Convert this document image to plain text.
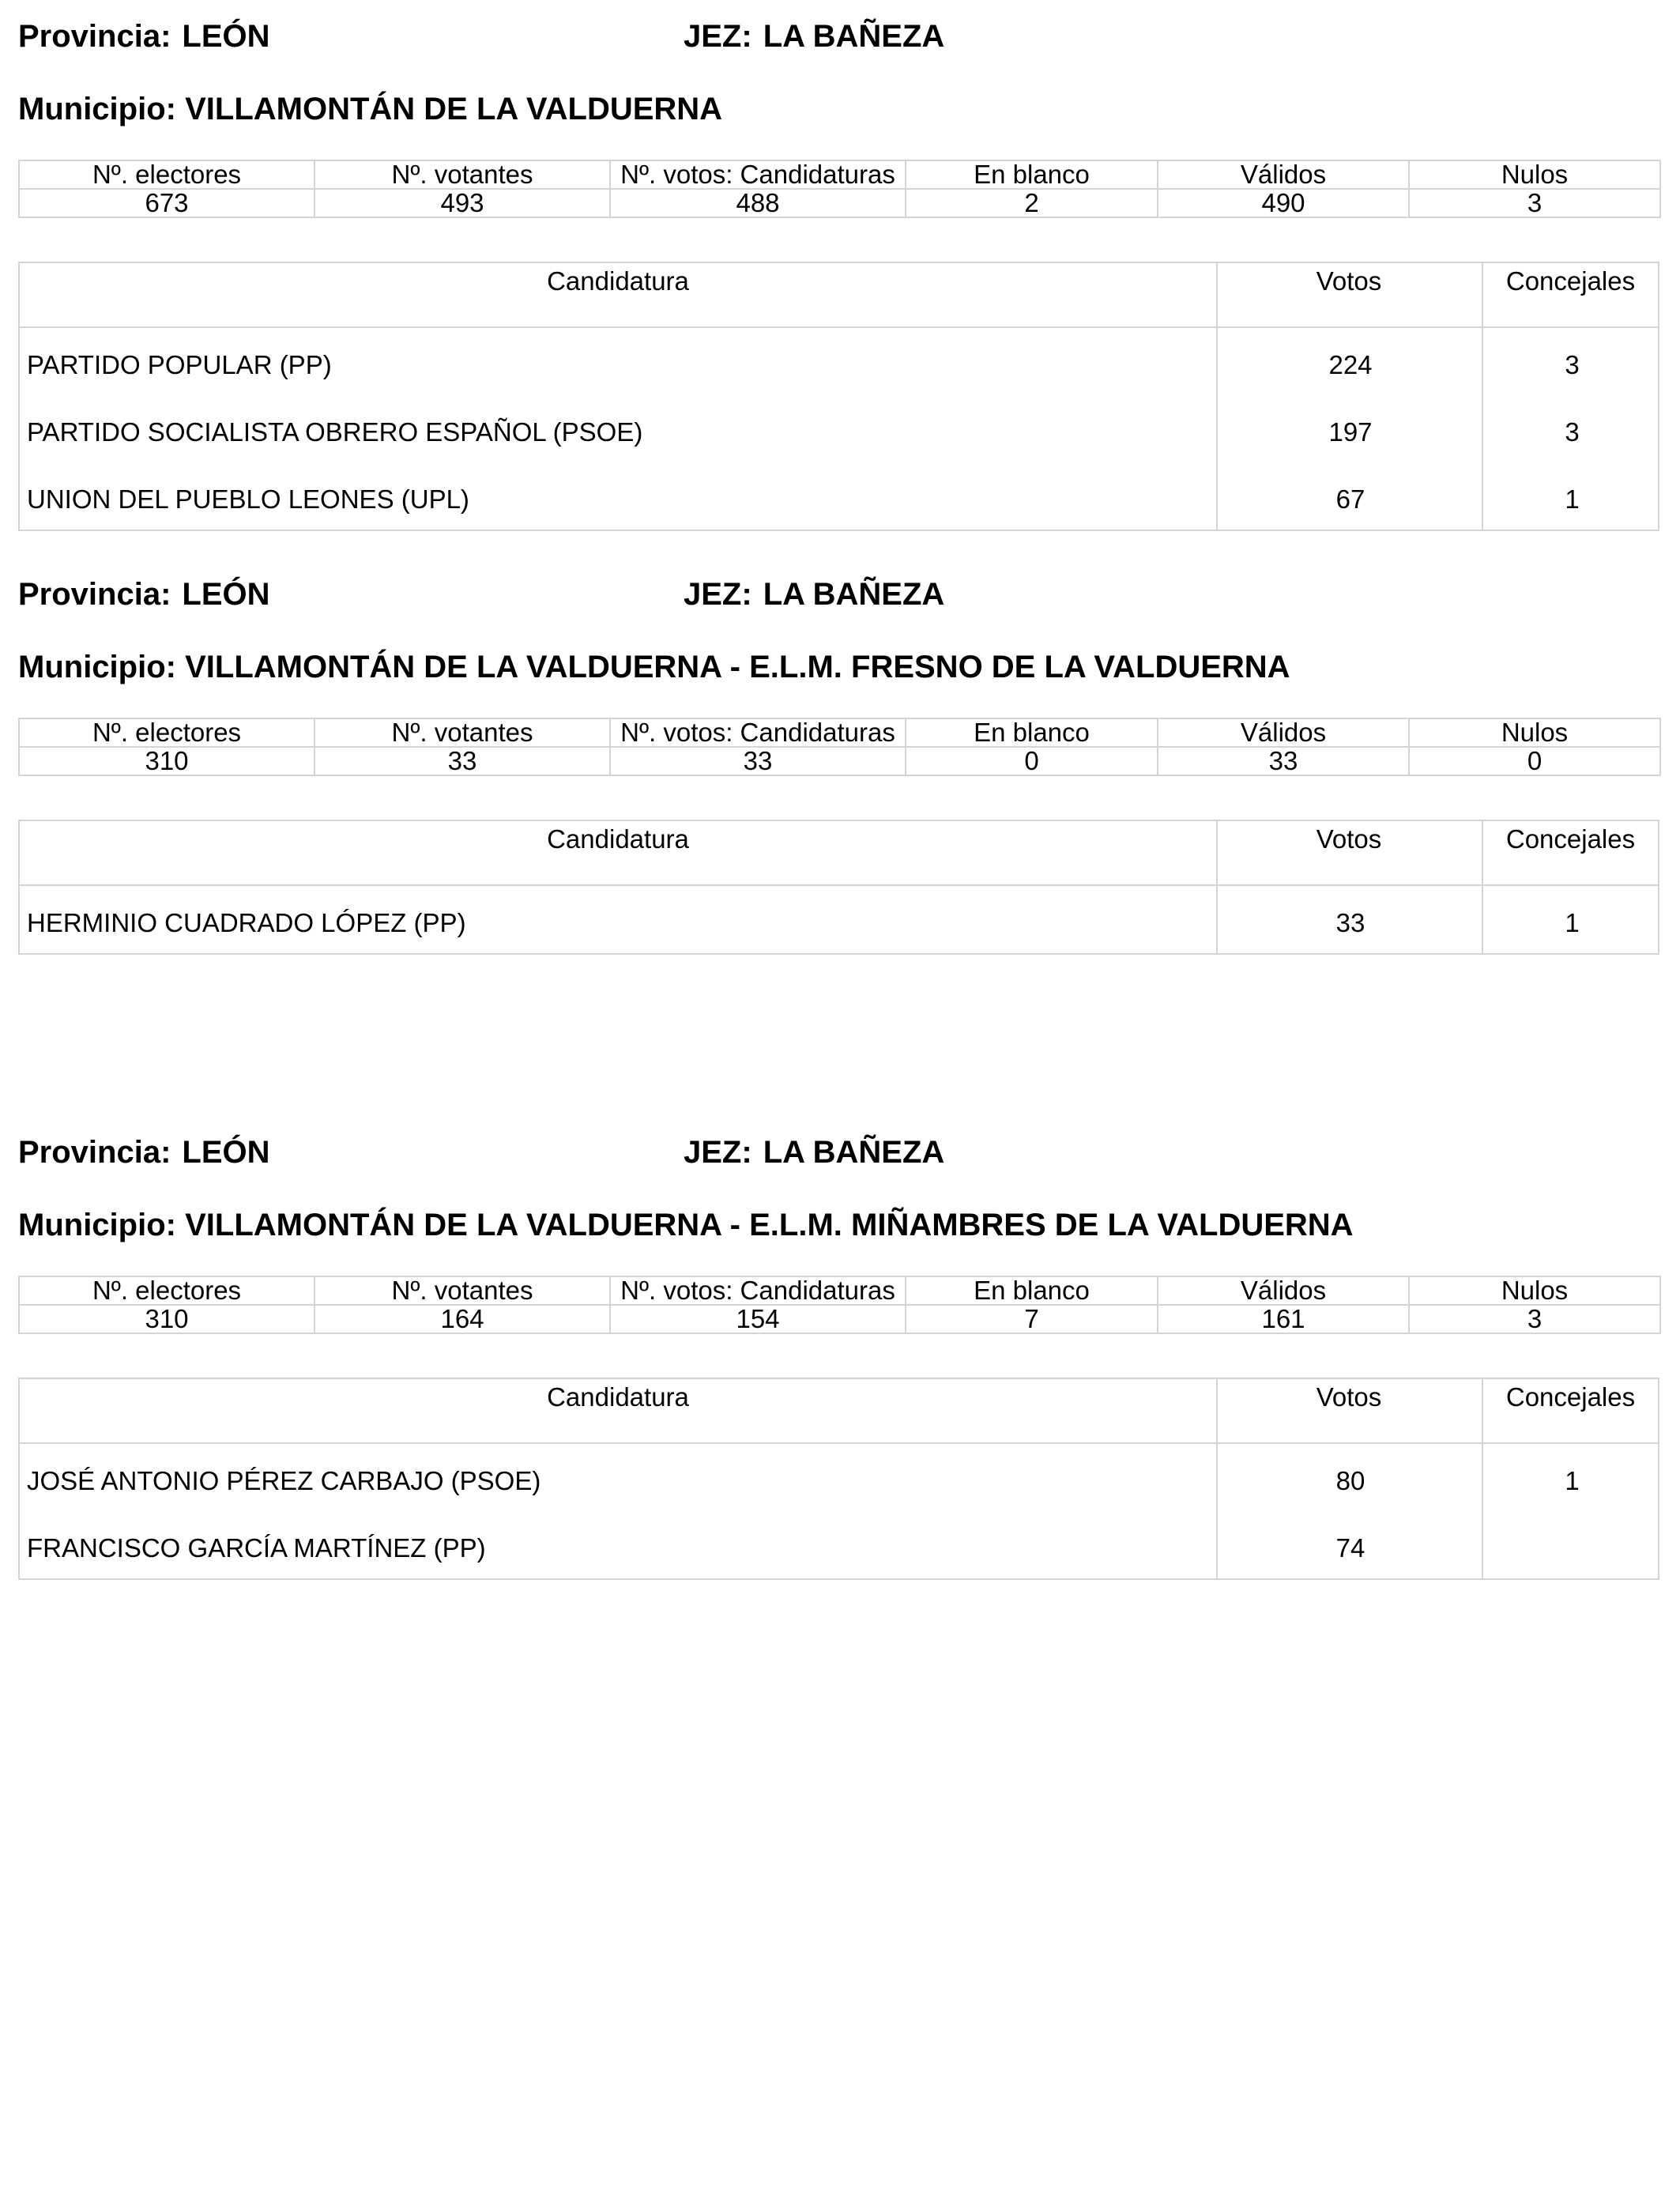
Provincia: LEÓN	JEZ: LA BAÑEZA
Municipio: VILLAMONTÁN DE LA VALDUERNA
Nº. electores	Nº. votantes	Nº. votos: Candidaturas	En blanco	Válidos	Nulos
673	493	488	2	490	3
Candidatura	Votos	Concejales
PARTIDO POPULAR (PP)	224	3
PARTIDO SOCIALISTA OBRERO ESPAÑOL (PSOE)	197	3
UNION DEL PUEBLO LEONES (UPL)	67	1
Provincia: LEÓN	JEZ: LA BAÑEZA
Municipio: VILLAMONTÁN DE LA VALDUERNA - E.L.M. FRESNO DE LA VALDUERNA
Nº. electores	Nº. votantes	Nº. votos: Candidaturas	En blanco	Válidos	Nulos
310	33	33	0	33	0
Candidatura	Votos	Concejales
HERMINIO CUADRADO LÓPEZ (PP)	33	1
Provincia: LEÓN	JEZ: LA BAÑEZA
Municipio: VILLAMONTÁN DE LA VALDUERNA - E.L.M. MIÑAMBRES DE LA VALDUERNA
Nº. electores	Nº. votantes	Nº. votos: Candidaturas	En blanco	Válidos	Nulos
310	164	154	7	161	3
Candidatura	Votos	Concejales
JOSÉ ANTONIO PÉREZ CARBAJO (PSOE)	80	1
FRANCISCO GARCÍA MARTÍNEZ (PP)	74
